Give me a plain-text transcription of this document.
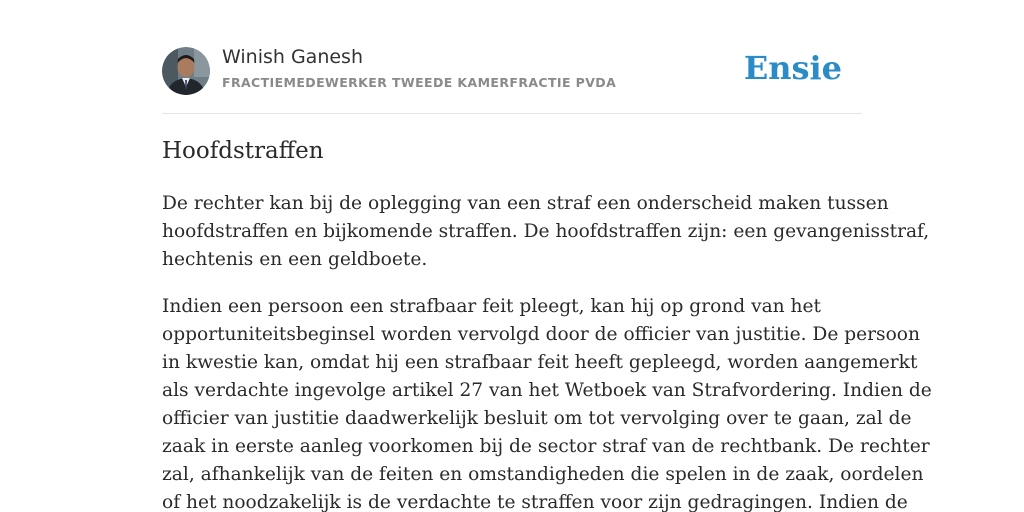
Winish Ganesh
FRACTIEMEDEWERKER TWEEDE KAMERFRACTIE PVDA	Ensie
Hoofdstraffen

De rechter kan bij de oplegging van een straf een onderscheid maken tussen
hoofdstraffen en bijkomende straffen. De hoofdstraffen zijn: een gevangenisstraf,
hechtenis en een geldboete.

Indien een persoon een strafbaar feit pleegt, kan hij op grond van het
opportuniteitsbeginsel worden vervolgd door de officier van justitie. De persoon
in kwestie kan, omdat hij een strafbaar feit heeft gepleegd, worden aangemerkt
als verdachte ingevolge artikel 27 van het Wetboek van Strafvordering. Indien de
officier van justitie daadwerkelijk besluit om tot vervolging over te gaan, zal de
zaak in eerste aanleg voorkomen bij de sector straf van de rechtbank. De rechter
zal, afhankelijk van de feiten en omstandigheden die spelen in de zaak, oordelen
of het noodzakelijk is de verdachte te straffen voor zijn gedragingen. Indien de
